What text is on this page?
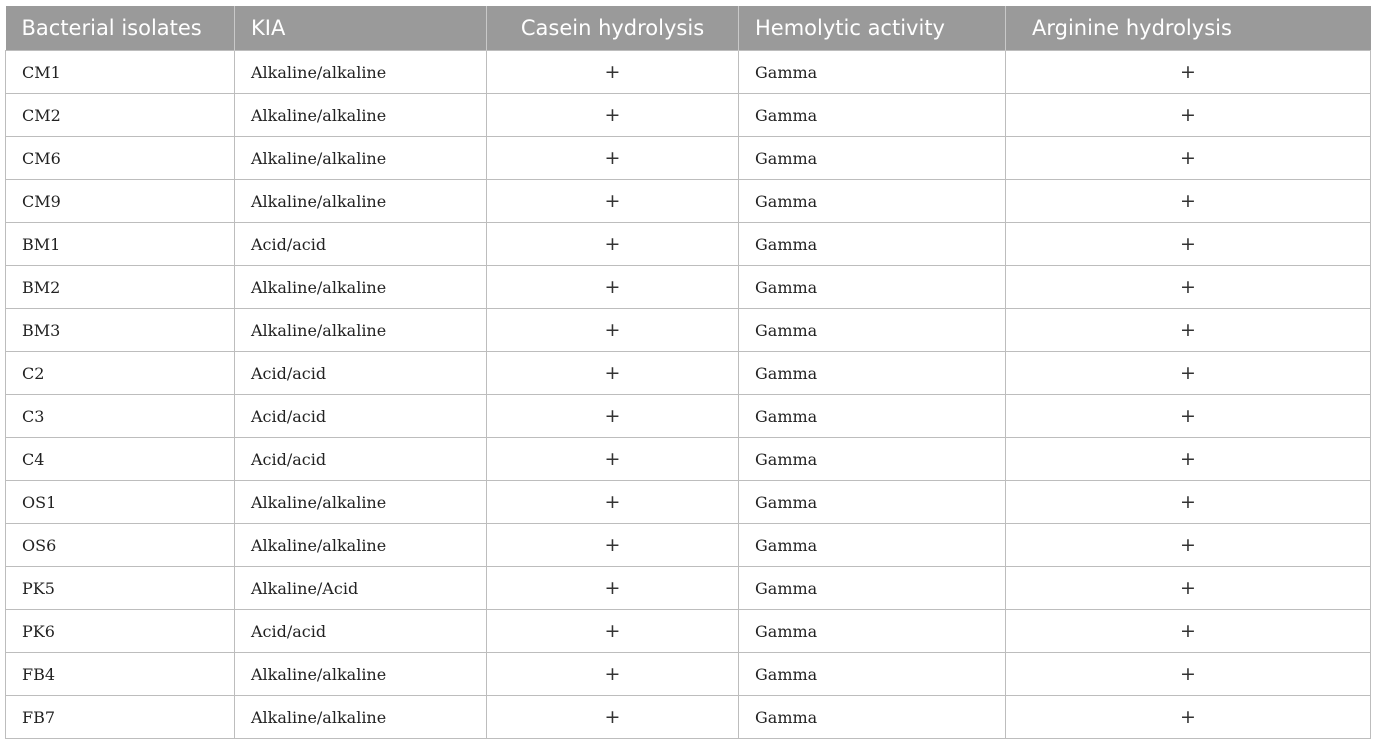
Bacterial isolates	KIA	Casein hydrolysis	Hemolytic activity	Arginine hydrolysis
CM1	Alkaline/alkaline	+	Gamma	+
CM2	Alkaline/alkaline	+	Gamma	+
CM6	Alkaline/alkaline	+	Gamma	+
CM9	Alkaline/alkaline	+	Gamma	+
BM1	Acid/acid	+	Gamma	+
BM2	Alkaline/alkaline	+	Gamma	+
BM3	Alkaline/alkaline	+	Gamma	+
C2	Acid/acid	+	Gamma	+
C3	Acid/acid	+	Gamma	+
C4	Acid/acid	+	Gamma	+
OS1	Alkaline/alkaline	+	Gamma	+
OS6	Alkaline/alkaline	+	Gamma	+
PK5	Alkaline/Acid	+	Gamma	+
PK6	Acid/acid	+	Gamma	+
FB4	Alkaline/alkaline	+	Gamma	+
FB7	Alkaline/alkaline	+	Gamma	+
